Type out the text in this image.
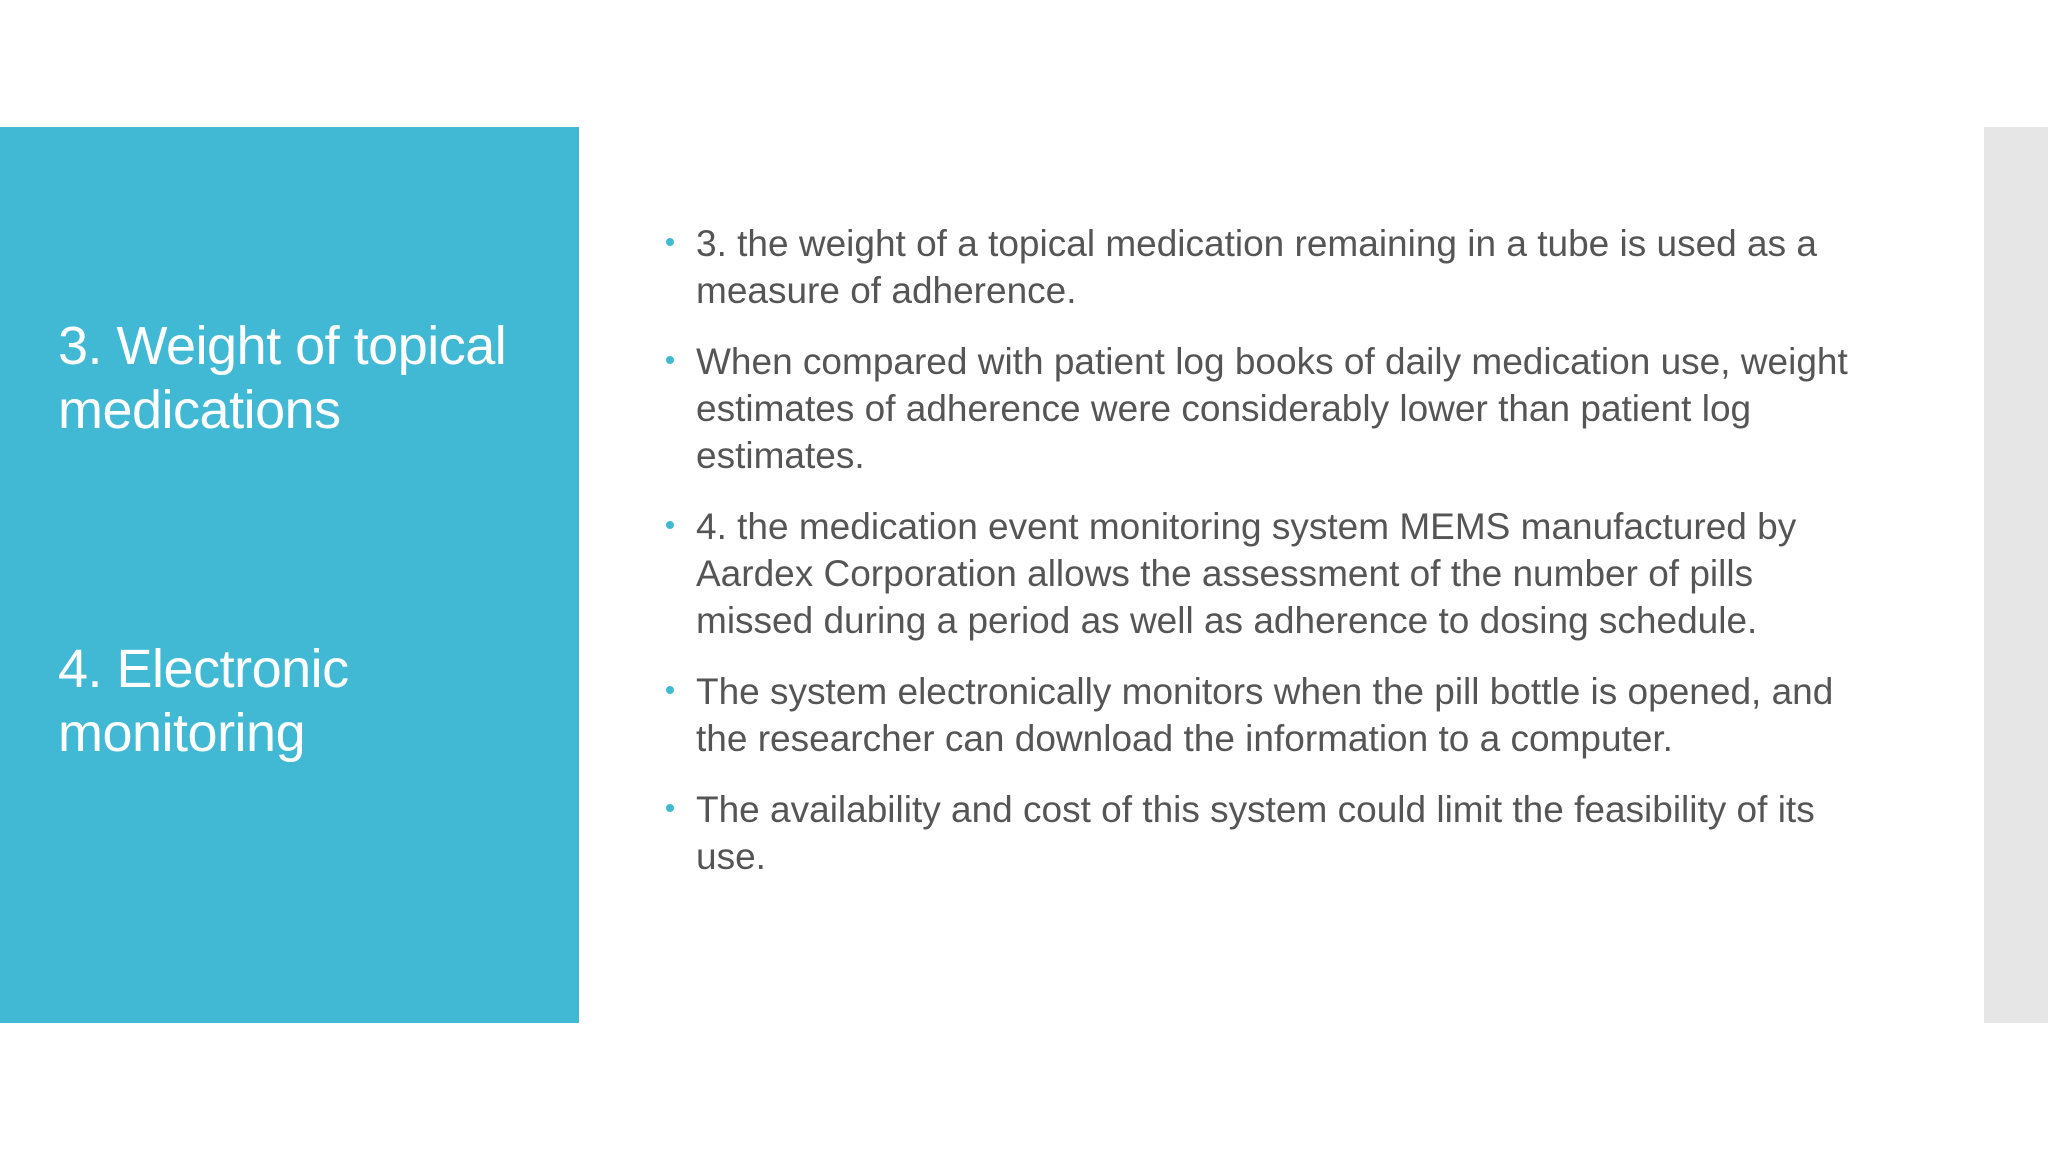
3. Weight of topical medications
4. Electronic monitoring
3. the weight of a topical medication remaining in a tube is used as a measure of adherence.
When compared with patient log books of daily medication use, weight estimates of adherence were considerably lower than patient log estimates.
4. the medication event monitoring system MEMS manufactured by Aardex Corporation allows the assessment of the number of pills missed during a period as well as adherence to dosing schedule.
The system electronically monitors when the pill bottle is opened, and the researcher can download the information to a computer.
The availability and cost of this system could limit the feasibility of its use.
